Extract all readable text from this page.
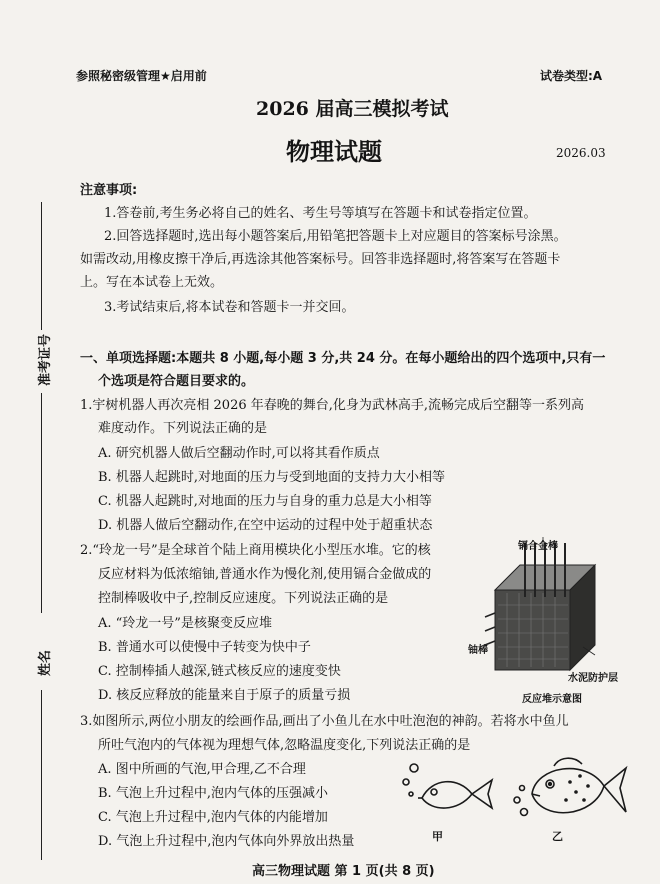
参照秘密级管理★启用前	试卷类型:A
2026 届高三模拟考试
物理试题	2026.03
准考证号
姓名
注意事项:
1.答卷前,考生务必将自己的姓名、考生号等填写在答题卡和试卷指定位置。
2.回答选择题时,选出每小题答案后,用铅笔把答题卡上对应题目的答案标号涂黑。
如需改动,用橡皮擦干净后,再选涂其他答案标号。回答非选择题时,将答案写在答题卡
上。写在本试卷上无效。
3.考试结束后,将本试卷和答题卡一并交回。
一、单项选择题:本题共 8 小题,每小题 3 分,共 24 分。在每小题给出的四个选项中,只有一
个选项是符合题目要求的。
1.宇树机器人再次亮相 2026 年春晚的舞台,化身为武林高手,流畅完成后空翻等一系列高
难度动作。下列说法正确的是
A. 研究机器人做后空翻动作时,可以将其看作质点
B. 机器人起跳时,对地面的压力与受到地面的支持力大小相等
C. 机器人起跳时,对地面的压力与自身的重力总是大小相等
D. 机器人做后空翻动作,在空中运动的过程中处于超重状态
2.“玲龙一号”是全球首个陆上商用模块化小型压水堆。它的核
反应材料为低浓缩铀,普通水作为慢化剂,使用镉合金做成的
控制棒吸收中子,控制反应速度。下列说法正确的是
A. “玲龙一号”是核聚变反应堆
B. 普通水可以使慢中子转变为快中子
C. 控制棒插人越深,链式核反应的速度变快
D. 核反应释放的能量来自于原子的质量亏损
镉合金棒
铀棒
水泥防护层
反应堆示意图
3.如图所示,两位小朋友的绘画作品,画出了小鱼儿在水中吐泡泡的神韵。若将水中鱼儿
所吐气泡内的气体视为理想气体,忽略温度变化,下列说法正确的是
A. 图中所画的气泡,甲合理,乙不合理
B. 气泡上升过程中,泡内气体的压强减小
C. 气泡上升过程中,泡内气体的内能增加
D. 气泡上升过程中,泡内气体向外界放出热量	甲	乙
高三物理试题 第 1 页(共 8 页)
